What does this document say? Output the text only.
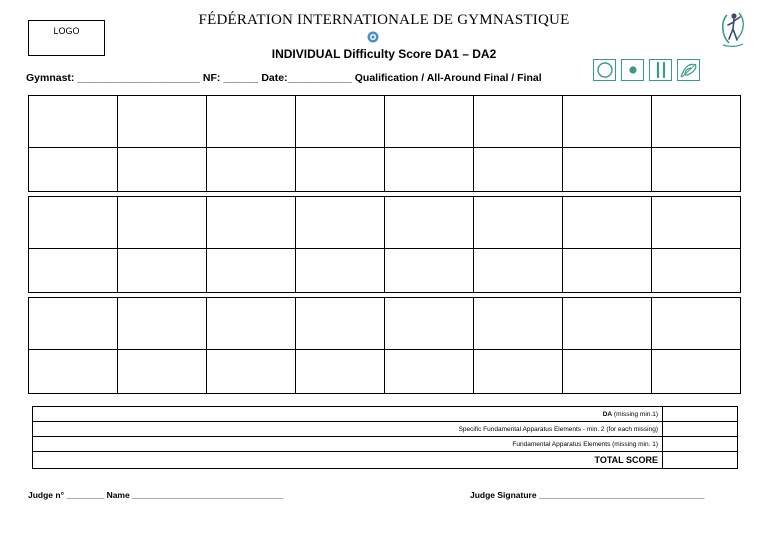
LOGO
FÉDÉRATION INTERNATIONALE DE GYMNASTIQUE
INDIVIDUAL Difficulty Score DA1 – DA2
Gymnast: _____________________ NF: ______ Date:___________ Qualification / All-Around Final / Final

DA (missing min.1)	
Specific Fundamental Apparatus Elements - min. 2 (for each missing)	
Fundamental Apparatus Elements (missing min. 1)	
TOTAL SCORE	
Judge n° ________ Name ________________________________	Judge Signature ___________________________________
